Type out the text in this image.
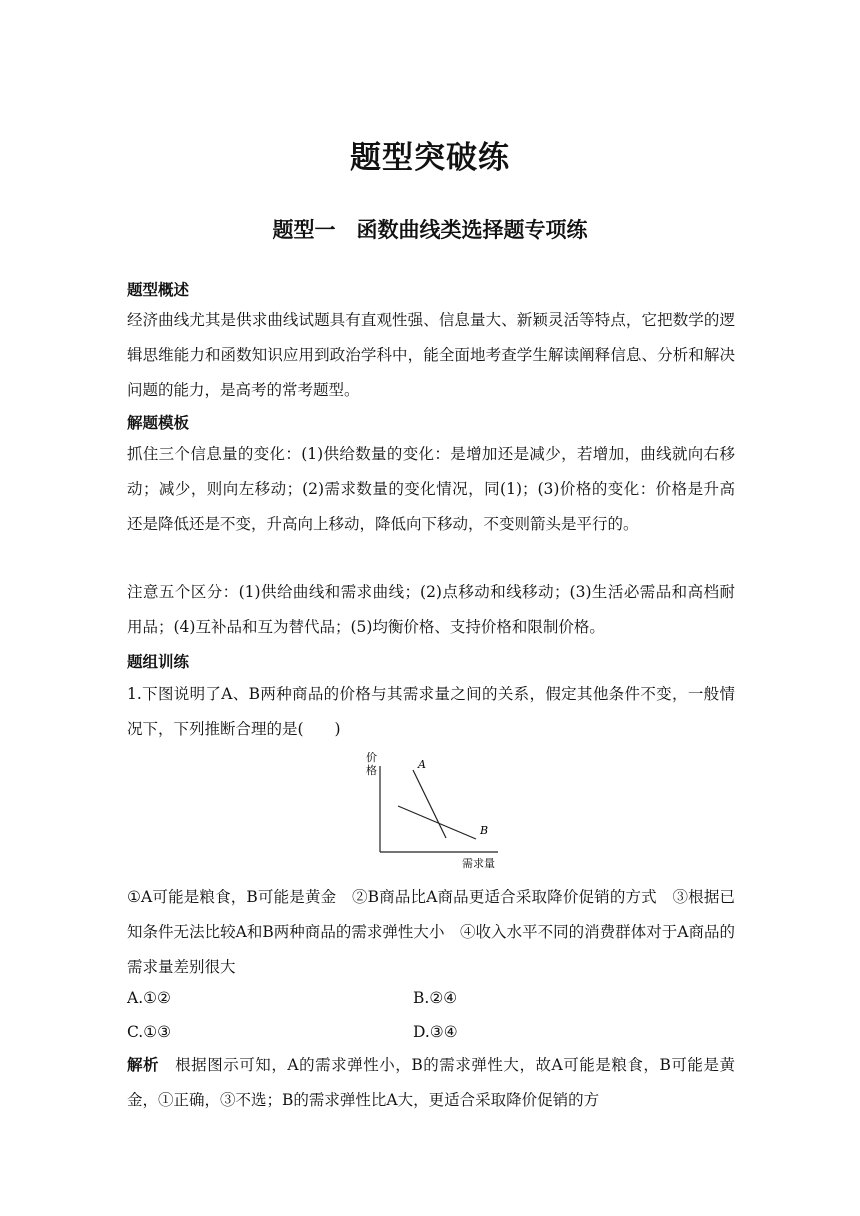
题型突破练
题型一　函数曲线类选择题专项练
题型概述
经济曲线尤其是供求曲线试题具有直观性强、信息量大、新颖灵活等特点，它把数学的逻辑思维能力和函数知识应用到政治学科中，能全面地考查学生解读阐释信息、分析和解决问题的能力，是高考的常考题型。
解题模板
抓住三个信息量的变化：(1)供给数量的变化：是增加还是减少，若增加，曲线就向右移动；减少，则向左移动；(2)需求数量的变化情况，同(1)；(3)价格的变化：价格是升高还是降低还是不变，升高向上移动，降低向下移动，不变则箭头是平行的。
注意五个区分：(1)供给曲线和需求曲线；(2)点移动和线移动；(3)生活必需品和高档耐用品；(4)互补品和互为替代品；(5)均衡价格、支持价格和限制价格。
题组训练
1.下图说明了A、B两种商品的价格与其需求量之间的关系，假定其他条件不变，一般情况下，下列推断合理的是(　　)
价
格
需求量
A
B
①A可能是粮食，B可能是黄金　②B商品比A商品更适合采取降价促销的方式　③根据已知条件无法比较A和B两种商品的需求弹性大小　④收入水平不同的消费群体对于A商品的需求量差别很大
A.①②	B.②④
C.①③	D.③④
解析　 根据图示可知，A的需求弹性小，B的需求弹性大，故A可能是粮食，B可能是黄金，①正确，③不选；B的需求弹性比A大，更适合采取降价促销的方
